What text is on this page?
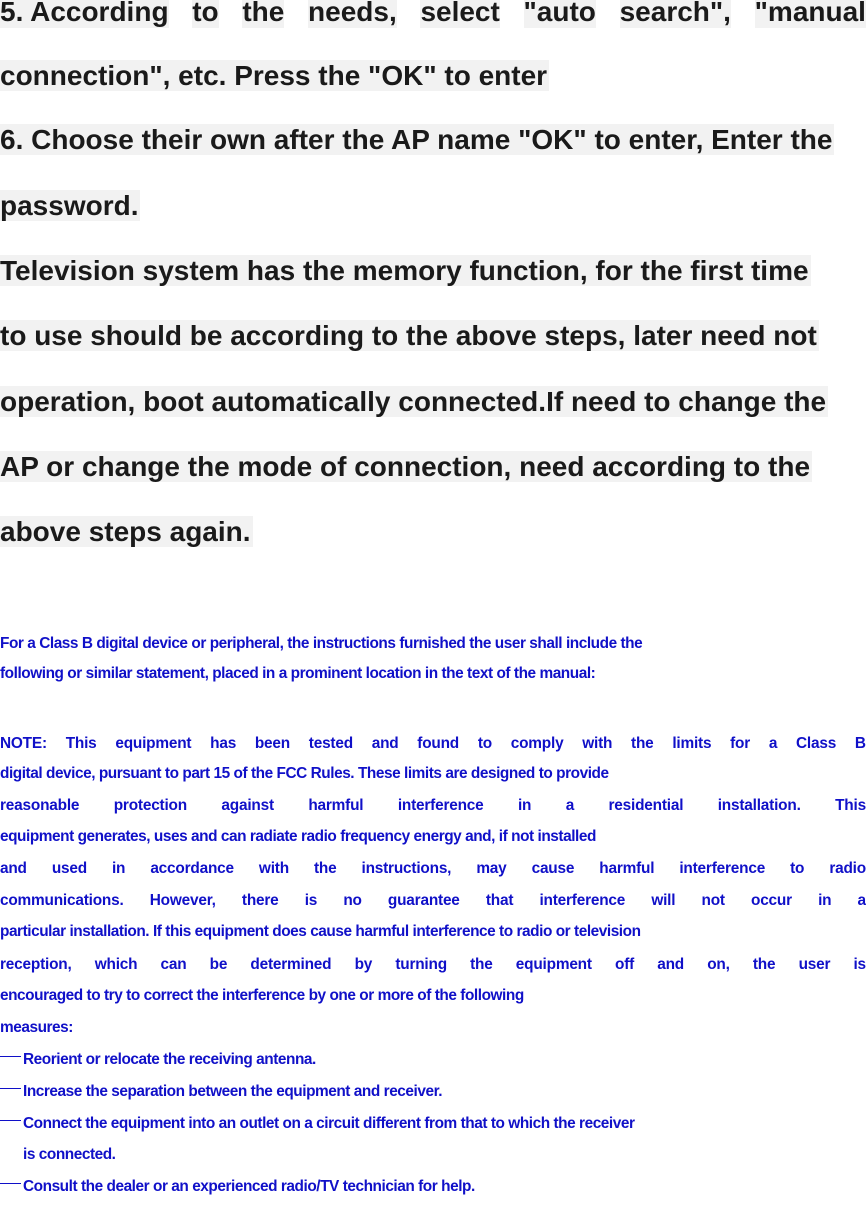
5. According to the needs, select "auto search", "manual
connection", etc. Press the "OK" to enter
6. Choose their own after the AP name "OK" to enter, Enter the
password.
Television system has the memory function, for the first time
to use should be according to the above steps, later need not
operation, boot automatically connected.If need to change the
AP or change the mode of connection, need according to the
above steps again.
For a Class B digital device or peripheral, the instructions furnished the user shall include the
following or similar statement, placed in a prominent location in the text of the manual:
NOTE: This equipment has been tested and found to comply with the limits for a Class B
digital device, pursuant to part 15 of the FCC Rules. These limits are designed to provide
reasonable protection against harmful interference in a residential installation. This
equipment generates, uses and can radiate radio frequency energy and, if not installed
and used in accordance with the instructions, may cause harmful interference to radio
communications. However, there is no guarantee that interference will not occur in a
particular installation. If this equipment does cause harmful interference to radio or television
reception, which can be determined by turning the equipment off and on, the user is
encouraged to try to correct the interference by one or more of the following
measures:
Reorient or relocate the receiving antenna.
Increase the separation between the equipment and receiver.
Connect the equipment into an outlet on a circuit different from that to which the receiver
is connected.
Consult the dealer or an experienced radio/TV technician for help.
